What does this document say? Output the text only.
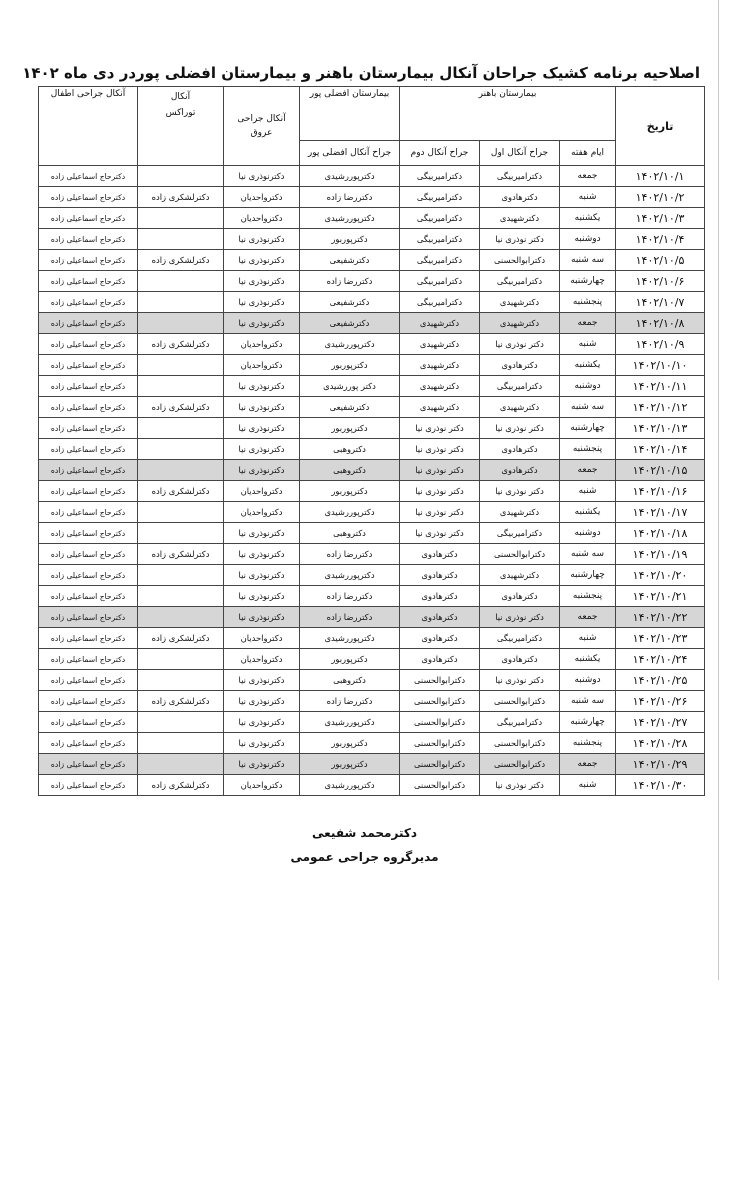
اصلاحیه برنامه کشیک جراحان آنکال بیمارستان باهنر و بیمارستان افضلی پوردر دی ماه ۱۴۰۲
تاریخ	بیمارستان باهنر			بیمارستان افضلی پور	آنکال جراحی عروق	آنکال توراکس	آنکال جراحی اطفال
	ایام هفته	جراح آنکال اول	جراح آنکال دوم	جراح آنکال افضلی پور			
۱۴۰۲/۱۰/۱	جمعه	دکترامیربیگی	دکترامیربیگی	دکترپوررشیدی	دکترنوذری نیا		دکترحاج اسماعیلی زاده
۱۴۰۲/۱۰/۲	شنبه	دکترهادوی	دکترامیربیگی	دکتررضا زاده	دکترواحدیان	دکترلشکری زاده	دکترحاج اسماعیلی زاده
۱۴۰۲/۱۰/۳	یکشنبه	دکترشهیدی	دکترامیربیگی	دکترپوررشیدی	دکترواحدیان		دکترحاج اسماعیلی زاده
۱۴۰۲/۱۰/۴	دوشنبه	دکتر نوذری نیا	دکترامیربیگی	دکترپوربور	دکترنوذری نیا		دکترحاج اسماعیلی زاده
۱۴۰۲/۱۰/۵	سه شنبه	دکترابوالحسنی	دکترامیربیگی	دکترشفیعی	دکترنوذری نیا	دکترلشکری زاده	دکترحاج اسماعیلی زاده
۱۴۰۲/۱۰/۶	چهارشنبه	دکترامیربیگی	دکترامیربیگی	دکتررضا زاده	دکترنوذری نیا		دکترحاج اسماعیلی زاده
۱۴۰۲/۱۰/۷	پنجشنبه	دکترشهیدی	دکترامیربیگی	دکترشفیعی	دکترنوذری نیا		دکترحاج اسماعیلی زاده
۱۴۰۲/۱۰/۸	جمعه	دکترشهیدی	دکترشهیدی	دکترشفیعی	دکترنوذری نیا		دکترحاج اسماعیلی زاده
۱۴۰۲/۱۰/۹	شنبه	دکتر نوذری نیا	دکترشهیدی	دکترپوررشیدی	دکترواحدیان	دکترلشکری زاده	دکترحاج اسماعیلی زاده
۱۴۰۲/۱۰/۱۰	یکشنبه	دکترهادوی	دکترشهیدی	دکترپوربور	دکترواحدیان		دکترحاج اسماعیلی زاده
۱۴۰۲/۱۰/۱۱	دوشنبه	دکترامیربیگی	دکترشهیدی	دکتر پوررشیدی	دکترنوذری نیا		دکترحاج اسماعیلی زاده
۱۴۰۲/۱۰/۱۲	سه شنبه	دکترشهیدی	دکترشهیدی	دکترشفیعی	دکترنوذری نیا	دکترلشکری زاده	دکترحاج اسماعیلی زاده
۱۴۰۲/۱۰/۱۳	چهارشنبه	دکتر نوذری نیا	دکتر نوذری نیا	دکترپوربور	دکترنوذری نیا		دکترحاج اسماعیلی زاده
۱۴۰۲/۱۰/۱۴	پنجشنبه	دکترهادوی	دکتر نوذری نیا	دکتروهبی	دکترنوذری نیا		دکترحاج اسماعیلی زاده
۱۴۰۲/۱۰/۱۵	جمعه	دکترهادوی	دکتر نوذری نیا	دکتروهبی	دکترنوذری نیا		دکترحاج اسماعیلی زاده
۱۴۰۲/۱۰/۱۶	شنبه	دکتر نوذری نیا	دکتر نوذری نیا	دکترپوربور	دکترواحدیان	دکترلشکری زاده	دکترحاج اسماعیلی زاده
۱۴۰۲/۱۰/۱۷	یکشنبه	دکترشهیدی	دکتر نوذری نیا	دکترپوررشیدی	دکترواحدیان		دکترحاج اسماعیلی زاده
۱۴۰۲/۱۰/۱۸	دوشنبه	دکترامیربیگی	دکتر نوذری نیا	دکتروهبی	دکترنوذری نیا		دکترحاج اسماعیلی زاده
۱۴۰۲/۱۰/۱۹	سه شنبه	دکترابوالحسنی	دکترهادوی	دکتررضا زاده	دکترنوذری نیا	دکترلشکری زاده	دکترحاج اسماعیلی زاده
۱۴۰۲/۱۰/۲۰	چهارشنبه	دکترشهیدی	دکترهادوی	دکترپوررشیدی	دکترنوذری نیا		دکترحاج اسماعیلی زاده
۱۴۰۲/۱۰/۲۱	پنجشنبه	دکترهادوی	دکترهادوی	دکتررضا زاده	دکترنوذری نیا		دکترحاج اسماعیلی زاده
۱۴۰۲/۱۰/۲۲	جمعه	دکتر نوذری نیا	دکترهادوی	دکتررضا زاده	دکترنوذری نیا		دکترحاج اسماعیلی زاده
۱۴۰۲/۱۰/۲۳	شنبه	دکترامیربیگی	دکترهادوی	دکترپوررشیدی	دکترواحدیان	دکترلشکری زاده	دکترحاج اسماعیلی زاده
۱۴۰۲/۱۰/۲۴	یکشنبه	دکترهادوی	دکترهادوی	دکترپوربور	دکترواحدیان		دکترحاج اسماعیلی زاده
۱۴۰۲/۱۰/۲۵	دوشنبه	دکتر نوذری نیا	دکترابوالحسنی	دکتروهبی	دکترنوذری نیا		دکترحاج اسماعیلی زاده
۱۴۰۲/۱۰/۲۶	سه شنبه	دکترابوالحسنی	دکترابوالحسنی	دکتررضا زاده	دکترنوذری نیا	دکترلشکری زاده	دکترحاج اسماعیلی زاده
۱۴۰۲/۱۰/۲۷	چهارشنبه	دکترامیربیگی	دکترابوالحسنی	دکترپوررشیدی	دکترنوذری نیا		دکترحاج اسماعیلی زاده
۱۴۰۲/۱۰/۲۸	پنجشنبه	دکترابوالحسنی	دکترابوالحسنی	دکترپوربور	دکترنوذری نیا		دکترحاج اسماعیلی زاده
۱۴۰۲/۱۰/۲۹	جمعه	دکترابوالحسنی	دکترابوالحسنی	دکترپوربور	دکترنوذری نیا		دکترحاج اسماعیلی زاده
۱۴۰۲/۱۰/۳۰	شنبه	دکتر نوذری نیا	دکترابوالحسنی	دکترپوررشیدی	دکترواحدیان	دکترلشکری زاده	دکترحاج اسماعیلی زاده
دکترمحمد شفیعی
مدیرگروه جراحی عمومی
